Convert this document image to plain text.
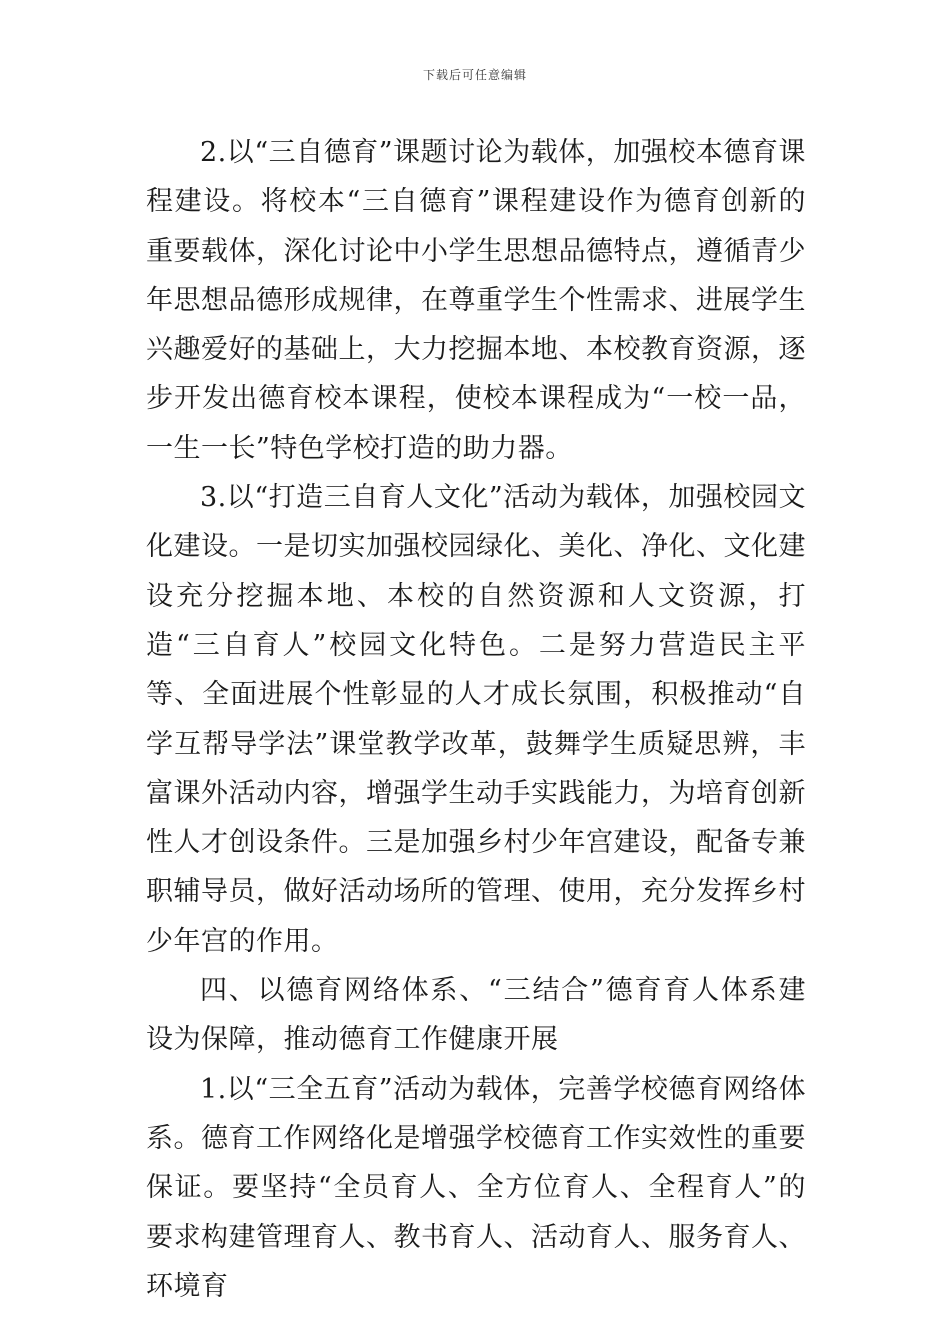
下载后可任意编辑

2.以“三自德育”课题讨论为载体，加强校本德育课程建设。将校本“三自德育”课程建设作为德育创新的重要载体，深化讨论中小学生思想品德特点，遵循青少年思想品德形成规律，在尊重学生个性需求、进展学生兴趣爱好的基础上，大力挖掘本地、本校教育资源，逐步开发出德育校本课程，使校本课程成为“一校一品，一生一长”特色学校打造的助力器。

3.以“打造三自育人文化”活动为载体，加强校园文化建设。一是切实加强校园绿化、美化、净化、文化建设充分挖掘本地、本校的自然资源和人文资源，打造“三自育人”校园文化特色。二是努力营造民主平等、全面进展个性彰显的人才成长氛围，积极推动“自学互帮导学法”课堂教学改革，鼓舞学生质疑思辨，丰富课外活动内容，增强学生动手实践能力，为培育创新性人才创设条件。三是加强乡村少年宫建设，配备专兼职辅导员，做好活动场所的管理、使用，充分发挥乡村少年宫的作用。

四、以德育网络体系、“三结合”德育育人体系建设为保障，推动德育工作健康开展

1.以“三全五育”活动为载体，完善学校德育网络体系。德育工作网络化是增强学校德育工作实效性的重要保证。要坚持“全员育人、全方位育人、全程育人”的要求构建管理育人、教书育人、活动育人、服务育人、环境育
